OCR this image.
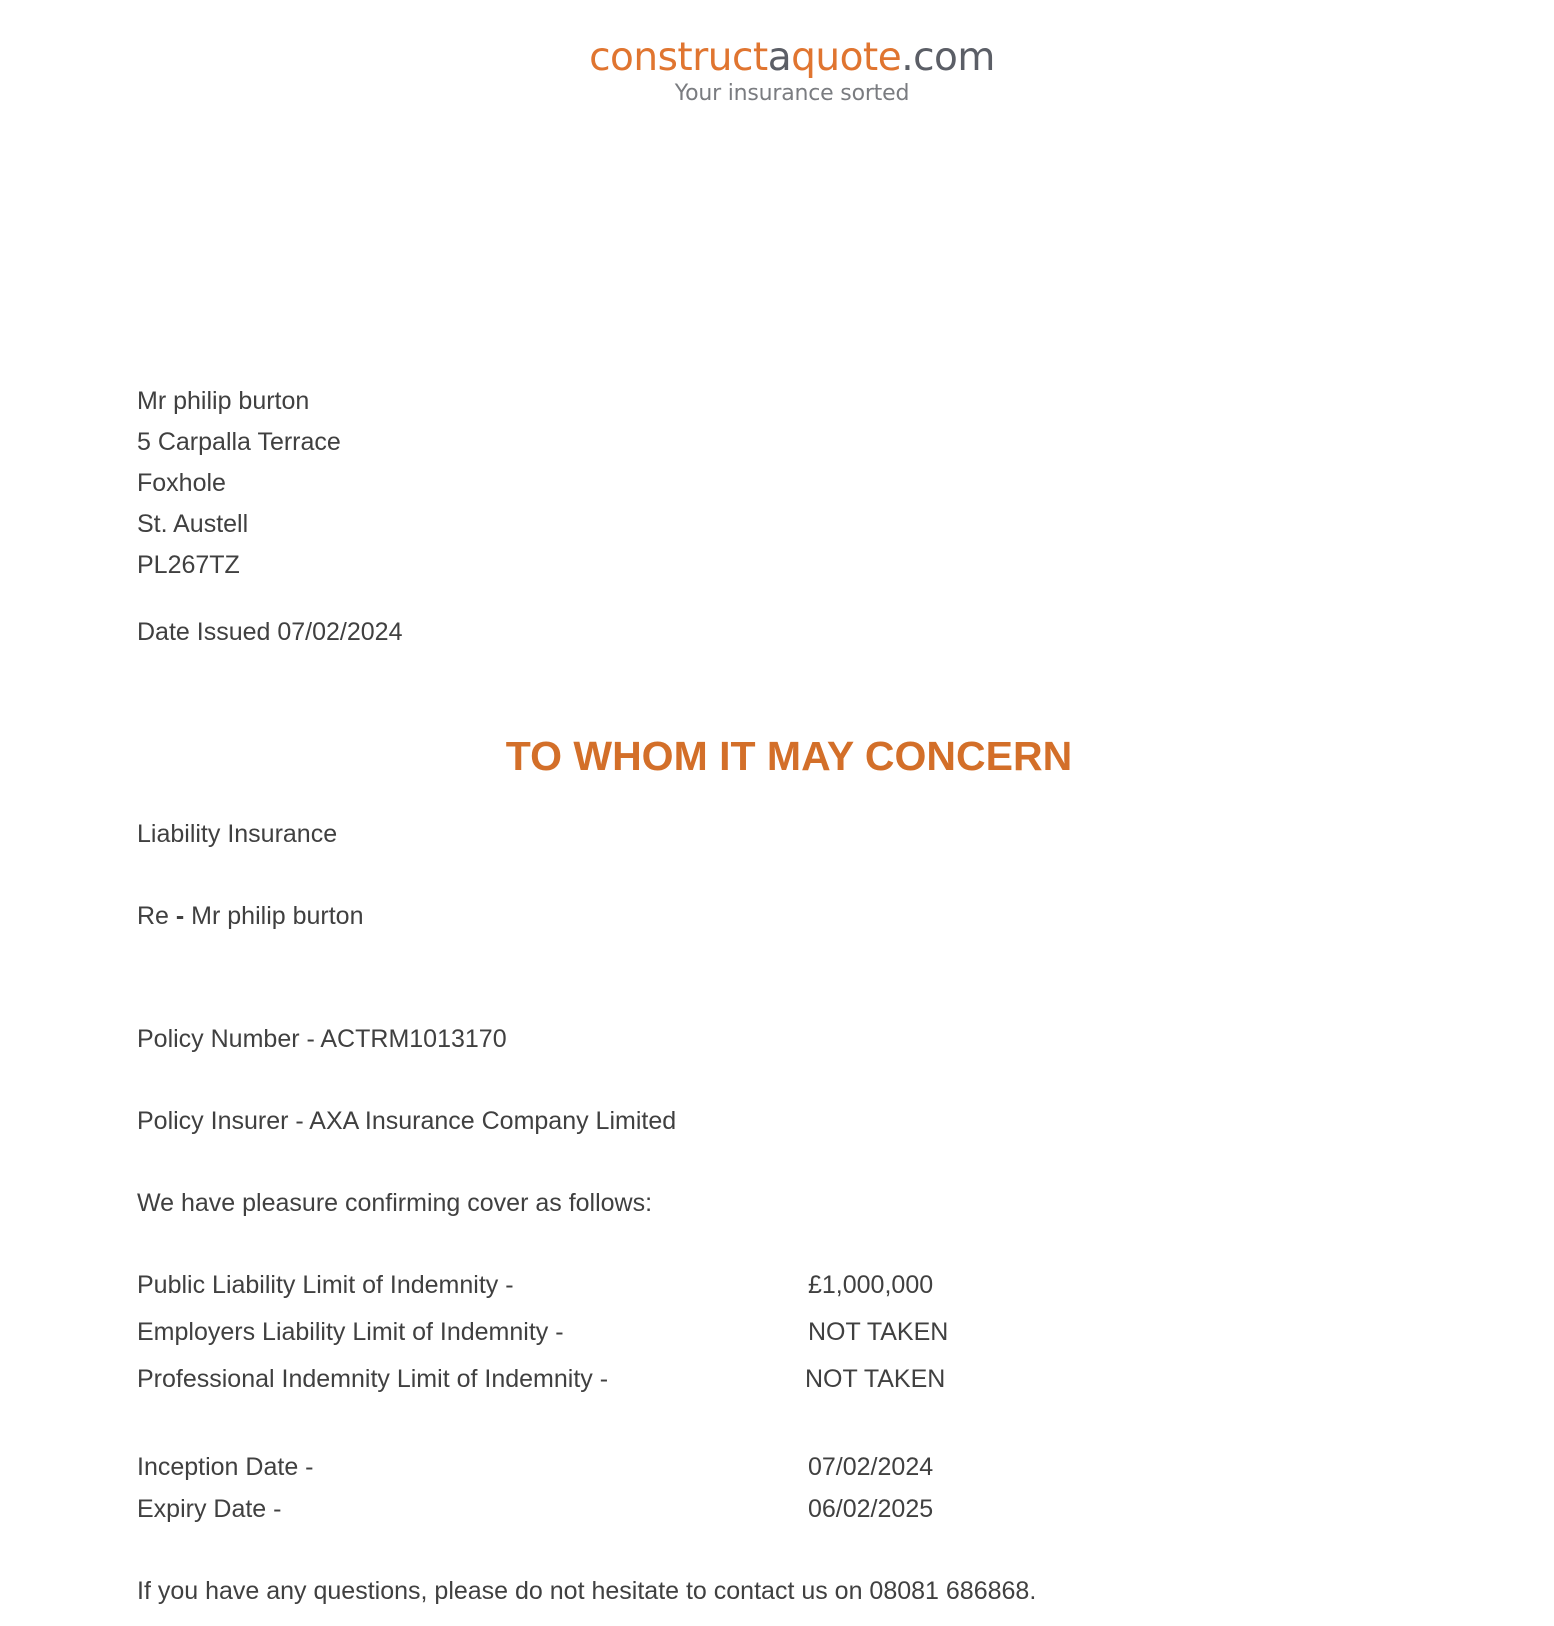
constructaquote.com
Your insurance sorted
Mr philip burton
5 Carpalla Terrace
Foxhole
St. Austell
PL267TZ
Date Issued 07/02/2024
TO WHOM IT MAY CONCERN
Liability Insurance
Re - Mr philip burton
Policy Number - ACTRM1013170
Policy Insurer - AXA Insurance Company Limited
We have pleasure confirming cover as follows:
Public Liability Limit of Indemnity -	£1,000,000
Employers Liability Limit of Indemnity -	NOT TAKEN
Professional Indemnity Limit of Indemnity -	NOT TAKEN
Inception Date -	07/02/2024
Expiry Date -	06/02/2025
If you have any questions, please do not hesitate to contact us on 08081 686868.
